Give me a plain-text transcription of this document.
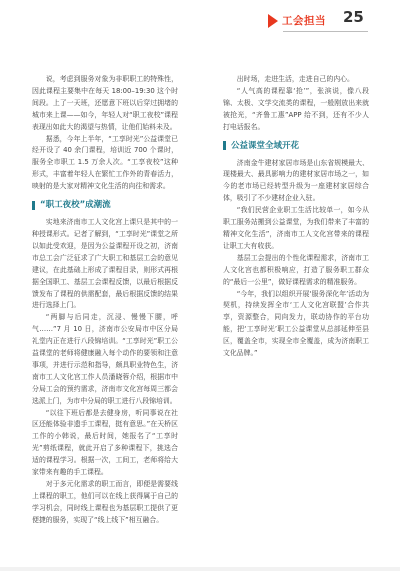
工会担当 25

说，考虑到服务对象为非职职工的特殊性，因此课程主要集中在每天 18:00–19:30 这个时间段。上了一天班，还愿意下班以后穿过拥堵的城市来上课——如今，年轻人对“职工夜校”课程表现出如此大的渴望与热情，让他们始料未及。

据悉，今年上半年，“工享时光”公益课堂已经开设了 40 余门课程，培训近 700 个课时，服务全市职工 1.5 万余人次。“工享夜校”这种形式，丰富着年轻人在繁忙工作外的青春活力，映射的是大家对精神文化生活的向往和需求。

“职工夜校”成潮流

实地来济南市工人文化宫上课只是其中的一种授课形式。记者了解到，“工享时光”课堂之所以如此受欢迎，是因为公益课程开设之初，济南市总工会广泛征求了广大职工和基层工会的意见建议，在此基础上形成了课程目录，则形式再根据全国职工、基层工会课程反馈，以最后根据反馈发布了课程的供需配套，最后根据反馈的结果进行选择上门。

“两脚与后同走，沉浸、慢慢下腰，呼气……”7 月 10 日，济南市公安局市中区分局礼堂内正在进行八段锦培训。“工享时光”职工公益课堂的老师将健康融入每个动作的要领和注意事项，并进行示范和指导，颇具职业特色生，济南市工人文化宫工作人员潘晓蓉介绍，根据市中分局工会的预约需求，济南市文化宫每周三都会选派上门，为市中分局的职工进行八段锦培训。

“以往下班后都是去健身房，听同事说在社区还能体验非遗手工课程，挺有意思。”在天桥区工作的小韩说，最后时间，她报名了“工享时光”剪纸课程，就此开启了多种课程下，挑选合适的课程学习。根据一次，工间工，老师将给大家带来有趣的手工课程。

对于多元化需求的职工而言，即便是需要线上课程的职工，他们可以在线上获得属于自己的学习机会，同时线上课程也为基层职工提供了更便捷的服务，实现了“线上线下”相互融合。

出时场，走进生活，走进自己的内心。

“人气高的课程靠‘抢’”，张滨说，像八段锦、太极、文学交流类的课程，一般刚放出来就被抢光，“齐鲁工惠”APP 给不到，还有不少人打电话报名。

公益课堂全域开花

济南金牛建材家居市场是山东省规模最大、现楼最大、最具影响力的建材家居市场之一，如今的老市场已经转型升级为一座建材家居综合体，吸引了不少建材企业入驻。

“我们民营企业职工生活比较单一，如今从职工服务站搬到公益课堂，为我们带来了丰富的精神文化生活”，济南市工人文化宫带来的课程让职工大有收获。

基层工会提出的个性化课程需求，济南市工人文化宫也都积极响应，打造了服务职工群众的“最后一公里”，做好课程需求的精准服务。

“今年，我们以组织开展‘服务深化年’活动为契机，持续发挥全市‘工人文化宫联盟’合作共享，资源整合，同向发力，联动协作的平台功能，把‘工享时光’职工公益课堂从总部延伸至县区，覆盖全市，实现全市全覆盖，成为济南职工文化品牌。”
